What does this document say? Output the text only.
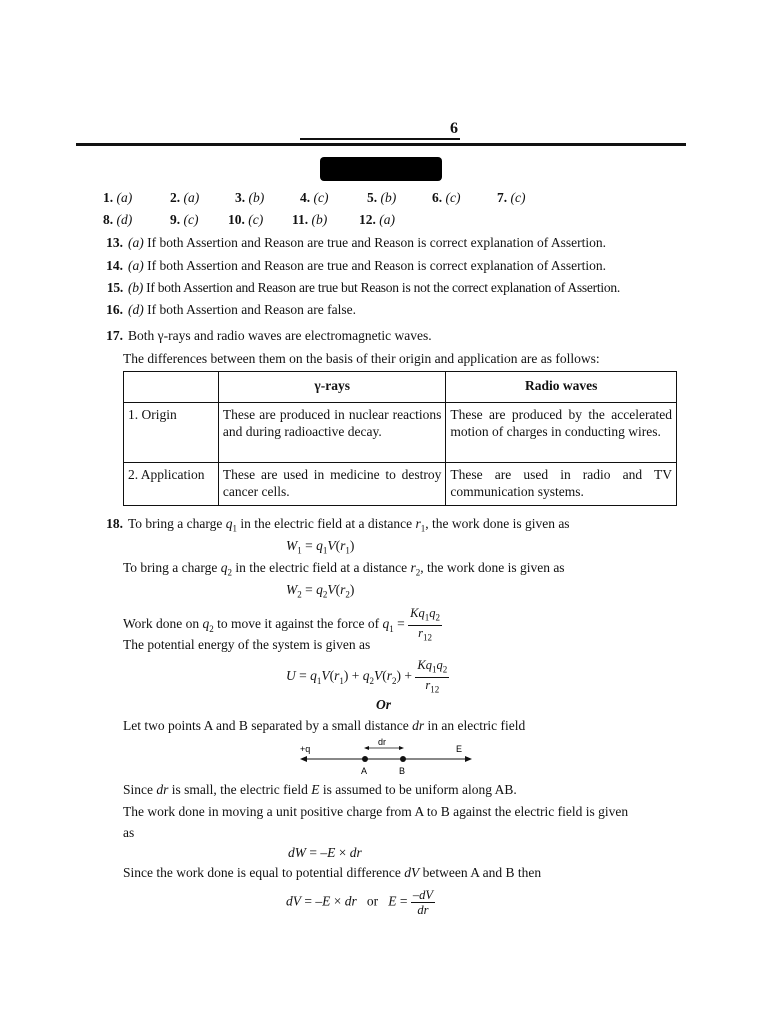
6
1. (a)	2. (a)	3. (b)	4. (c)	5. (b)	6. (c)	7. (c)
8. (d)	9. (c) 10. (c) 11. (b) 12. (a)
13. (a) If both Assertion and Reason are true and Reason is correct explanation of Assertion.
14. (a) If both Assertion and Reason are true and Reason is correct explanation of Assertion.
15. (b) If both Assertion and Reason are true but Reason is not the correct explanation of Assertion.
16. (d) If both Assertion and Reason are false.
17. Both γ-rays and radio waves are electromagnetic waves.
The differences between them on the basis of their origin and application are as follows:
	γ-rays	Radio waves
1. Origin	These are produced in nuclear reactions and during radioactive decay.	These are produced by the accelerated motion of charges in conducting wires.
2. Application	These are used in medicine to destroy cancer cells.	These are used in radio and TV communication systems.
18. To bring a charge $q_1$ in the electric field at a distance $r_1$, the work done is given as
$W_1 = q_1V(r_1)$
To bring a charge $q_2$ in the electric field at a distance $r_2$, the work done is given as
$W_2 = q_2V(r_2)$
Work done on $q_2$ to move it against the force of $q_1 = \frac{Kq_1q_2}{r_{12}}$
The potential energy of the system is given as
$U = q_1V(r_1) + q_2V(r_2) + \frac{Kq_1q_2}{r_{12}}$
Or
Let two points A and B separated by a small distance dr in an electric field
+q
dr
E
A	B
Since dr is small, the electric field E is assumed to be uniform along AB.
The work done in moving a unit positive charge from A to B against the electric field is given
as
dW = –E × dr
Since the work done is equal to potential difference dV between A and B then
dV = –E × dr or $E = \frac{-dV}{dr}$
